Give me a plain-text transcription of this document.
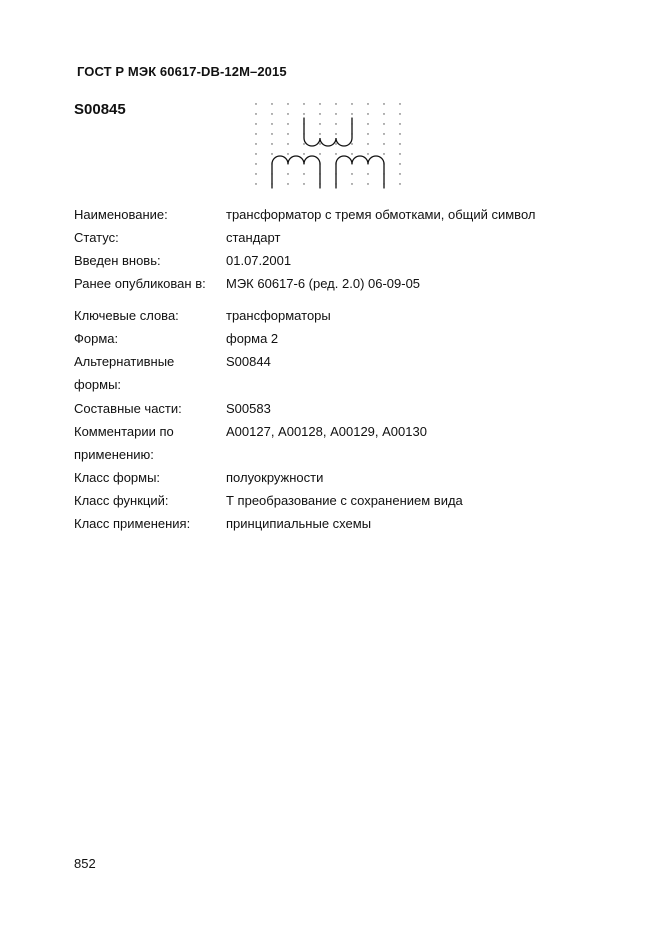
ГОСТ Р МЭК 60617-DB-12M–2015
S00845
Наименование:	трансформатор с тремя обмотками, общий символ
Статус:	стандарт
Введен вновь:	01.07.2001
Ранее опубликован в:	МЭК 60617-6 (ред. 2.0) 06-09-05
Ключевые слова:	трансформаторы
Форма:	форма 2
Альтернативные
формы:
S00844
Составные части:	S00583
Комментарии по
применению:
А00127, А00128, А00129, А00130
Класс формы:	полуокружности
Класс функций:	Т преобразование с сохранением вида
Класс применения:	принципиальные схемы
852
